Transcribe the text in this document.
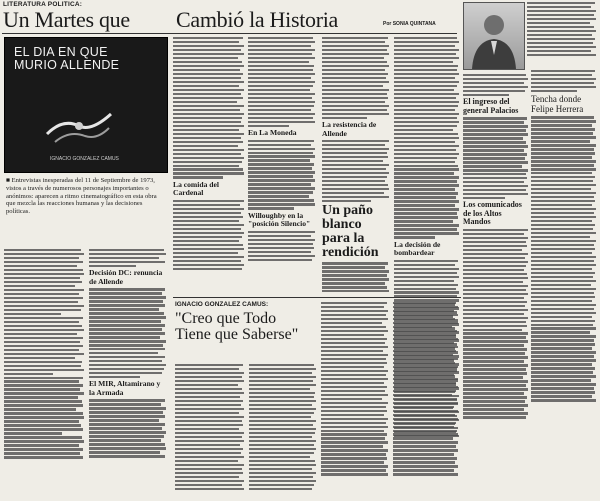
LITERATURA POLITICA:
Un Martes que Cambió la Historia	Por SONIA QUINTANA
EL DIA EN QUE MURIO ALLENDE
IGNACIO GONZALEZ CAMUS
■ Entrevistas inesperadas del 11 de Septiembre de 1973, vistos a través de numerosos personajes importantes o anónimos: aparecen a ritmo cinematográfico en esta obra que mezcla las reacciones humanas y las decisiones políticas.
Decisión DC: renuncia de Allende
El MIR, Altamirano y la Armada
La comida del Cardenal
En La Moneda
Willoughby en la "posición Silencio"
La resistencia de Allende
Un paño blanco para la rendición
La decisión de bombardear
El ingreso del general Palacios
Los comunicados de los Altos Mandos
Tencha donde Felipe Herrera
IGNACIO GONZALEZ CAMUS:
"Creo que Todo Tiene que Saberse"
